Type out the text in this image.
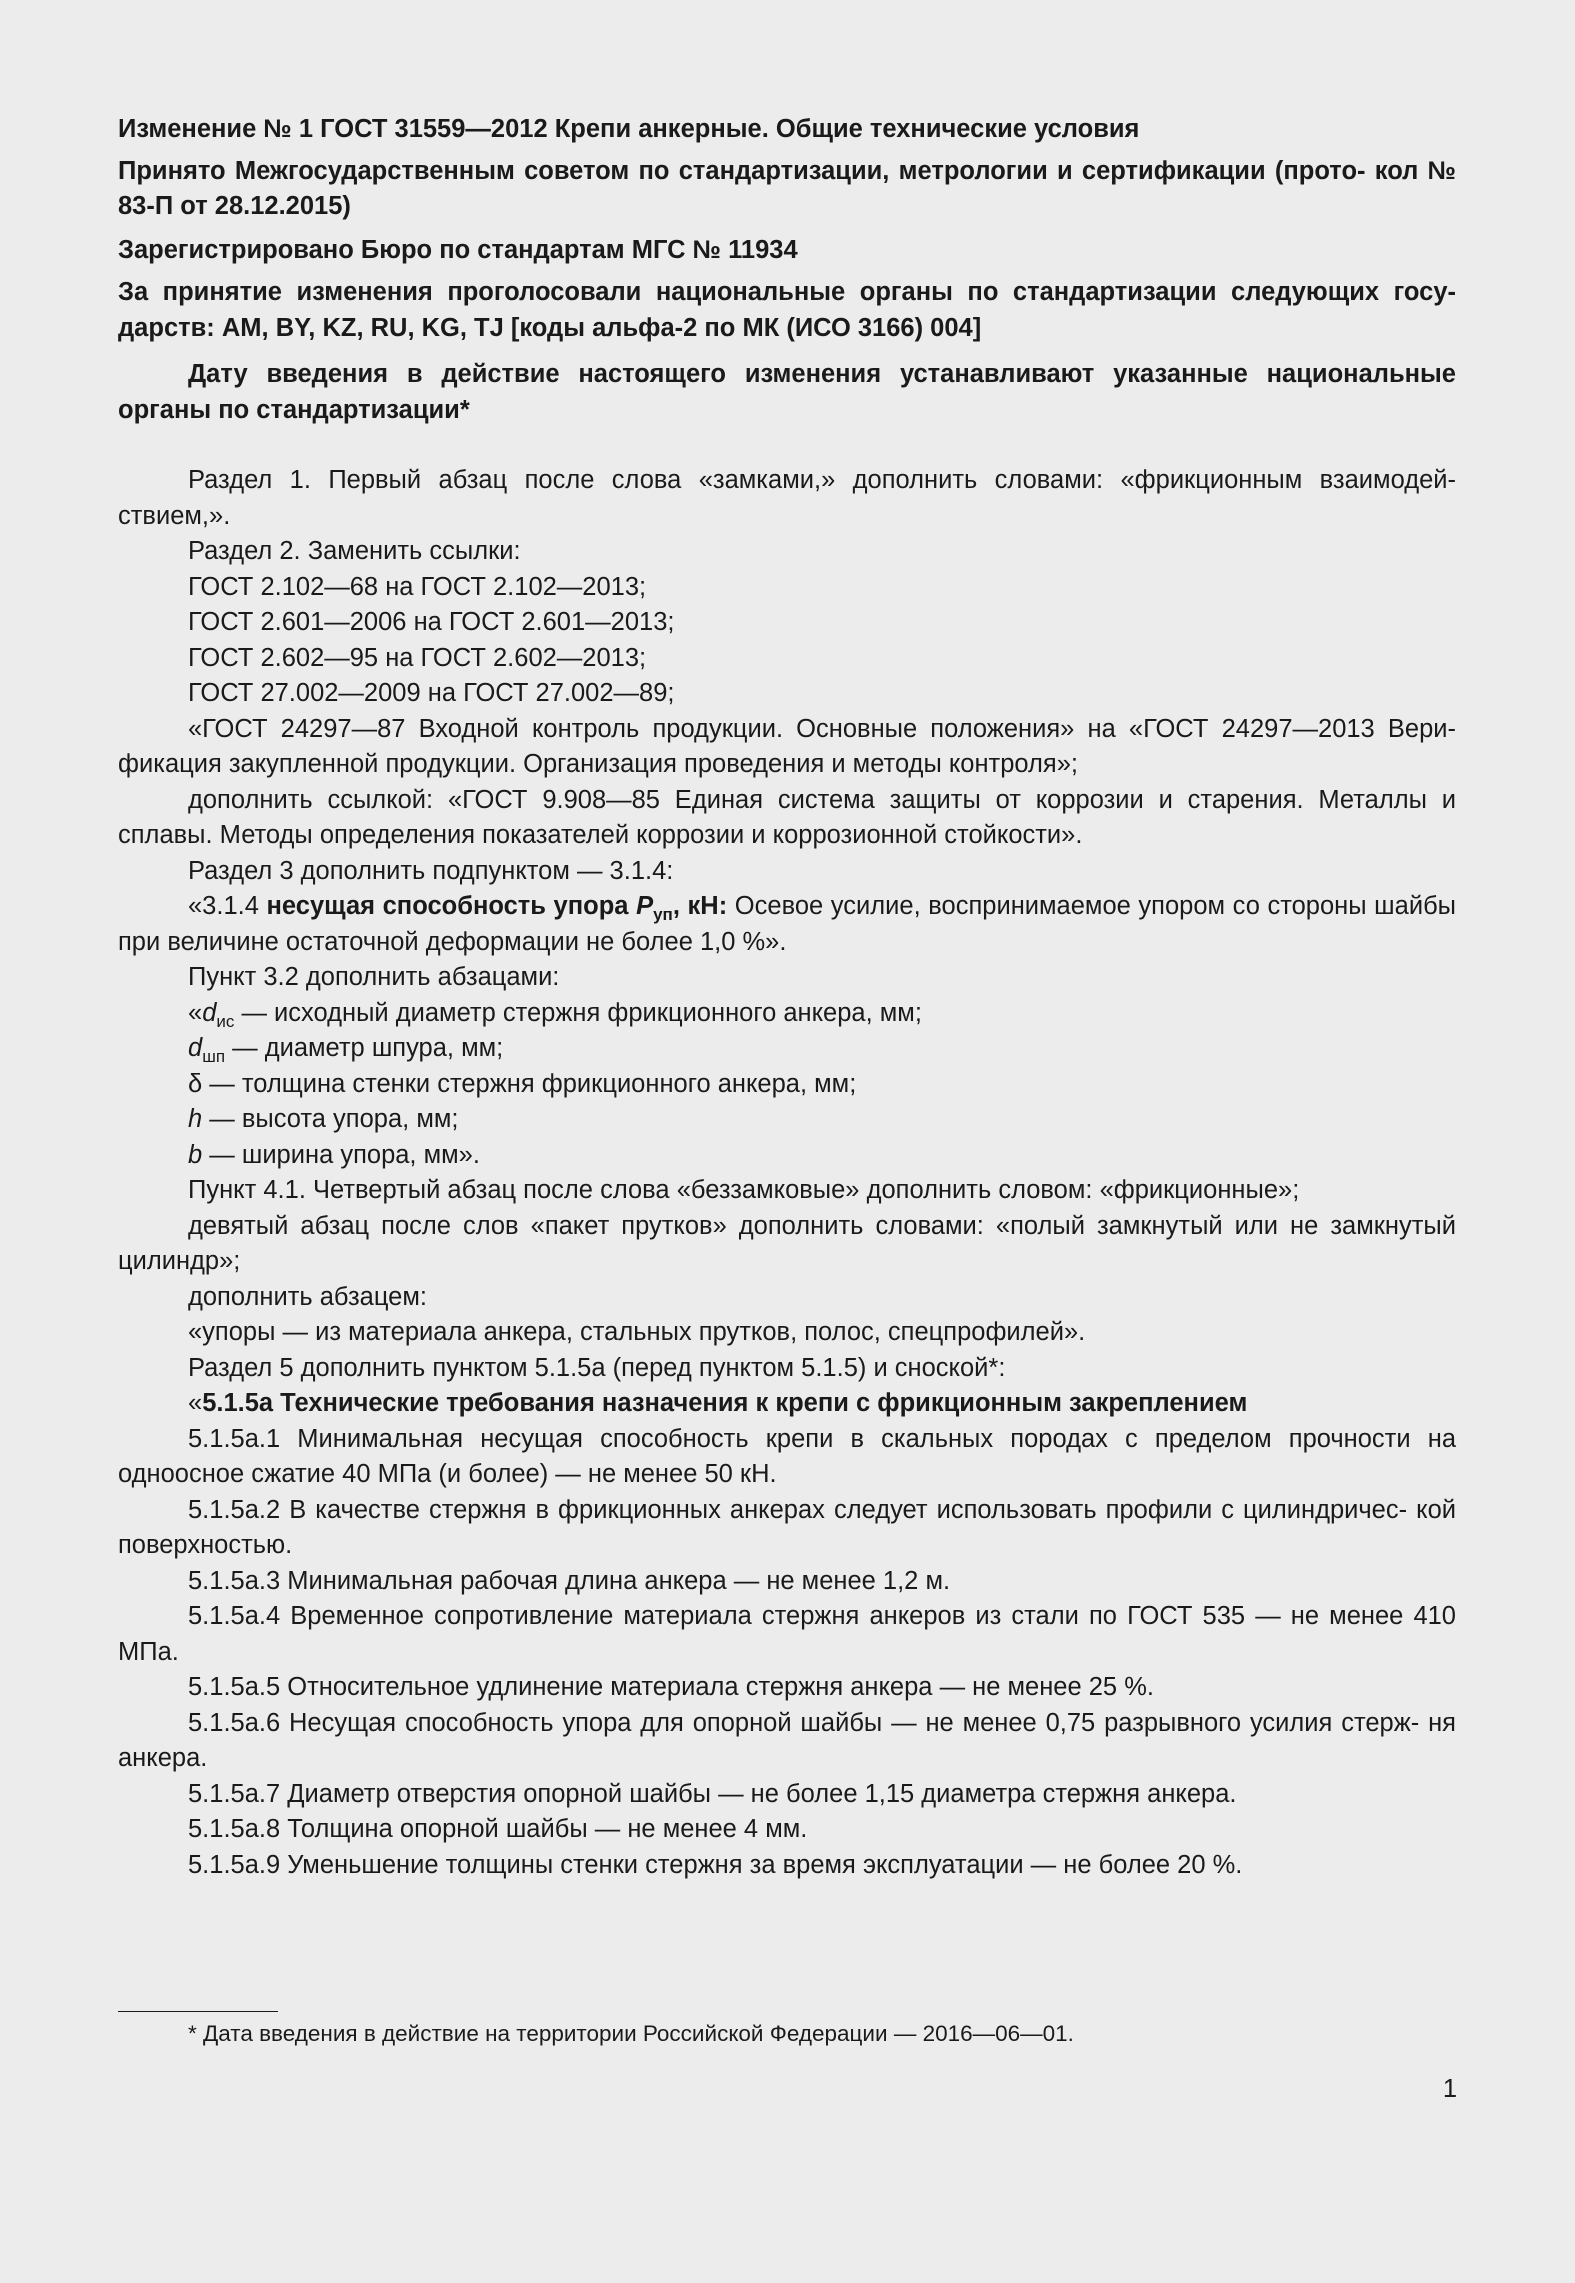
Изменение № 1 ГОСТ 31559—2012 Крепи анкерные. Общие технические условия
Принято Межгосударственным советом по стандартизации, метрологии и сертификации (прото- кол № 83-П от 28.12.2015)
Зарегистрировано Бюро по стандартам МГС № 11934
За принятие изменения проголосовали национальные органы по стандартизации следующих госу- дарств: AM, BY, KZ, RU, KG, TJ [коды альфа-2 по МК (ИСО 3166) 004]
Дату введения в действие настоящего изменения устанавливают указанные национальные органы по стандартизации*
Раздел 1. Первый абзац после слова «замками,» дополнить словами: «фрикционным взаимодей- ствием,».
Раздел 2. Заменить ссылки:
ГОСТ 2.102—68 на ГОСТ 2.102—2013;
ГОСТ 2.601—2006 на ГОСТ 2.601—2013;
ГОСТ 2.602—95 на ГОСТ 2.602—2013;
ГОСТ 27.002—2009 на ГОСТ 27.002—89;
«ГОСТ 24297—87 Входной контроль продукции. Основные положения» на «ГОСТ 24297—2013 Вери- фикация закупленной продукции. Организация проведения и методы контроля»;
дополнить ссылкой: «ГОСТ 9.908—85 Единая система защиты от коррозии и старения. Металлы и сплавы. Методы определения показателей коррозии и коррозионной стойкости».
Раздел 3 дополнить подпунктом — 3.1.4:
«3.1.4 несущая способность упора $P_{уп}$, кН: Осевое усилие, воспринимаемое упором со стороны шайбы при величине остаточной деформации не более 1,0 %».
Пункт 3.2 дополнить абзацами:
«$d_{ис}$ — исходный диаметр стержня фрикционного анкера, мм;
$d_{шп}$ — диаметр шпура, мм;
δ — толщина стенки стержня фрикционного анкера, мм;
h — высота упора, мм;
b — ширина упора, мм».
Пункт 4.1. Четвертый абзац после слова «беззамковые» дополнить словом: «фрикционные»;
девятый абзац после слов «пакет прутков» дополнить словами: «полый замкнутый или не замкнутый цилиндр»;
дополнить абзацем:
«упоры — из материала анкера, стальных прутков, полос, спецпрофилей».
Раздел 5 дополнить пунктом 5.1.5а (перед пунктом 5.1.5) и сноской*:
«5.1.5а Технические требования назначения к крепи с фрикционным закреплением
5.1.5а.1 Минимальная несущая способность крепи в скальных породах с пределом прочности на одноосное сжатие 40 МПа (и более) — не менее 50 кН.
5.1.5а.2 В качестве стержня в фрикционных анкерах следует использовать профили с цилиндричес- кой поверхностью.
5.1.5а.3 Минимальная рабочая длина анкера — не менее 1,2 м.
5.1.5а.4 Временное сопротивление материала стержня анкеров из стали по ГОСТ 535 — не менее 410 МПа.
5.1.5а.5 Относительное удлинение материала стержня анкера — не менее 25 %.
5.1.5а.6 Несущая способность упора для опорной шайбы — не менее 0,75 разрывного усилия стерж- ня анкера.
5.1.5а.7 Диаметр отверстия опорной шайбы — не более 1,15 диаметра стержня анкера.
5.1.5а.8 Толщина опорной шайбы — не менее 4 мм.
5.1.5а.9 Уменьшение толщины стенки стержня за время эксплуатации — не более 20 %.
* Дата введения в действие на территории Российской Федерации — 2016—06—01.
1
